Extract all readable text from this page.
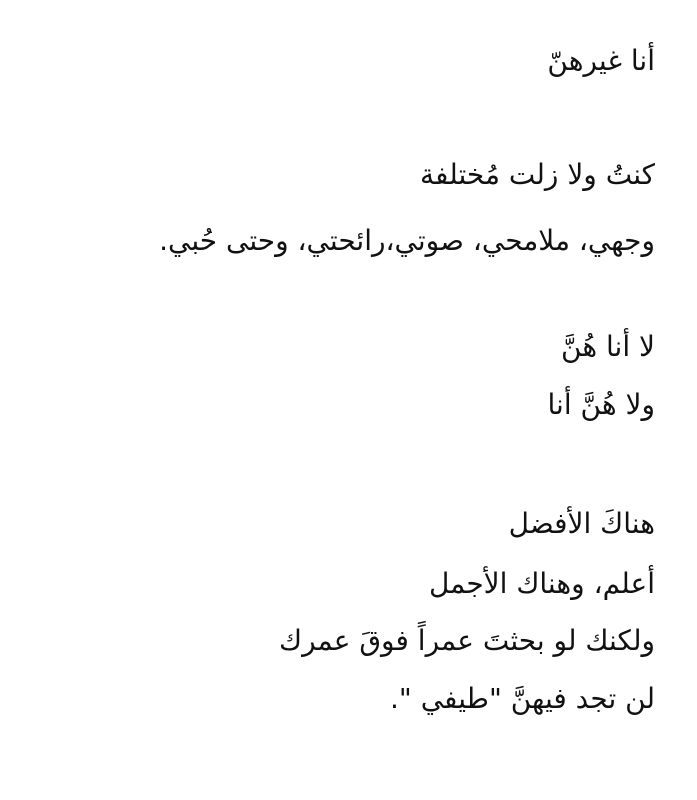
أنا غيرهنّ
كنتُ ولا زلت مُختلفة
وجهي، ملامحي، صوتي،رائحتي، وحتى حُبي.
لا أنا هُنَّ
ولا هُنَّ أنا
هناكَ الأفضل
أعلم، وهناك الأجمل
ولكنك لو بحثتَ عمراً فوقَ عمرك
لن تجد فيهنَّ "طيفي ".
